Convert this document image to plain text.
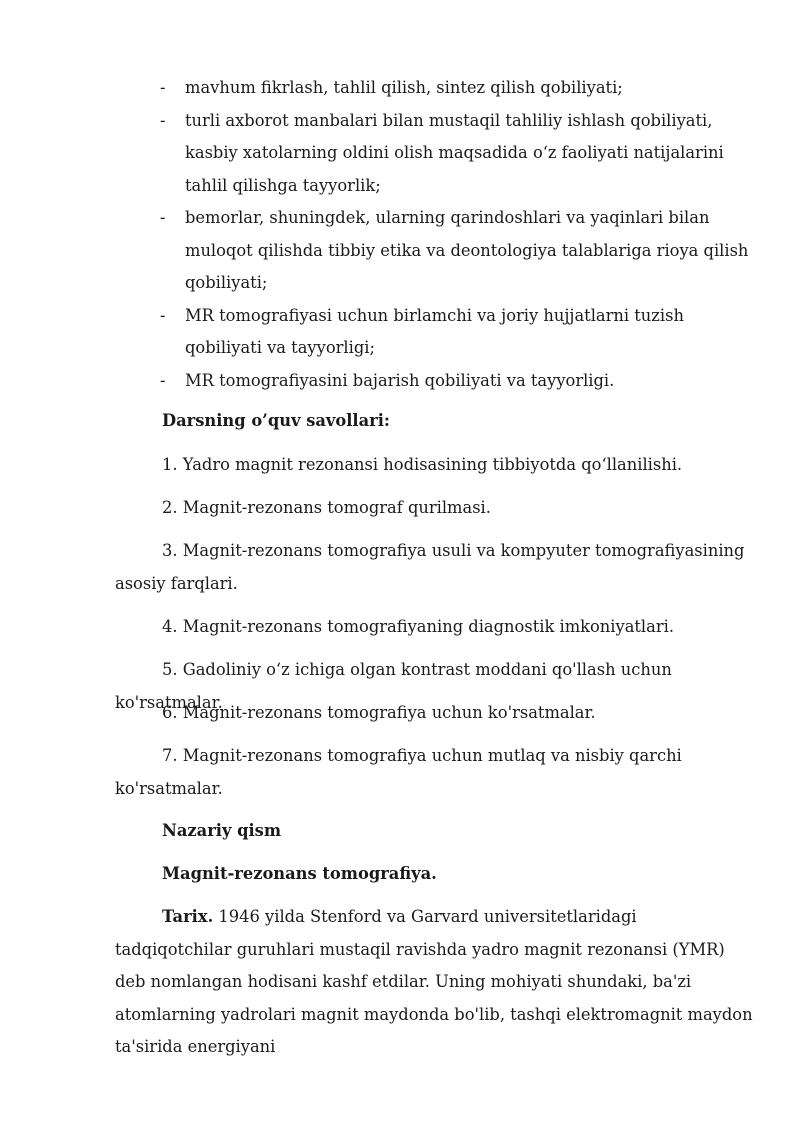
- mavhum fikrlash, tahlil qilish, sintez qilish qobiliyati;
- turli axborot manbalari bilan mustaqil tahliliy ishlash qobiliyati, kasbiy xatolarning oldini olish maqsadida o‘z faoliyati natijalarini tahlil qilishga tayyorlik;
- bemorlar, shuningdek, ularning qarindoshlari va yaqinlari bilan muloqot qilishda tibbiy etika va deontologiya talablariga rioya qilish qobiliyati;
- MR tomografiyasi uchun birlamchi va joriy hujjatlarni tuzish qobiliyati va tayyorligi;
- MR tomografiyasini bajarish qobiliyati va tayyorligi.

Darsning o’quv savollari:

1. Yadro magnit rezonansi hodisasining tibbiyotda qo‘llanilishi.

2. Magnit-rezonans tomograf qurilmasi.

3. Magnit-rezonans tomografiya usuli va kompyuter tomografiyasining asosiy farqlari.

4. Magnit-rezonans tomografiyaning diagnostik imkoniyatlari.

5. Gadoliniy o‘z ichiga olgan kontrast moddani qo'llash uchun ko'rsatmalar.

6. Magnit-rezonans tomografiya uchun ko'rsatmalar.

7. Magnit-rezonans tomografiya uchun mutlaq va nisbiy qarchi ko'rsatmalar.

Nazariy qism

Magnit-rezonans tomografiya.

Tarix. 1946 yilda Stenford va Garvard universitetlaridagi tadqiqotchilar guruhlari mustaqil ravishda yadro magnit rezonansi (YMR) deb nomlangan hodisani kashf etdilar. Uning mohiyati shundaki, ba'zi atomlarning yadrolari magnit maydonda bo'lib, tashqi elektromagnit maydon ta'sirida energiyani
